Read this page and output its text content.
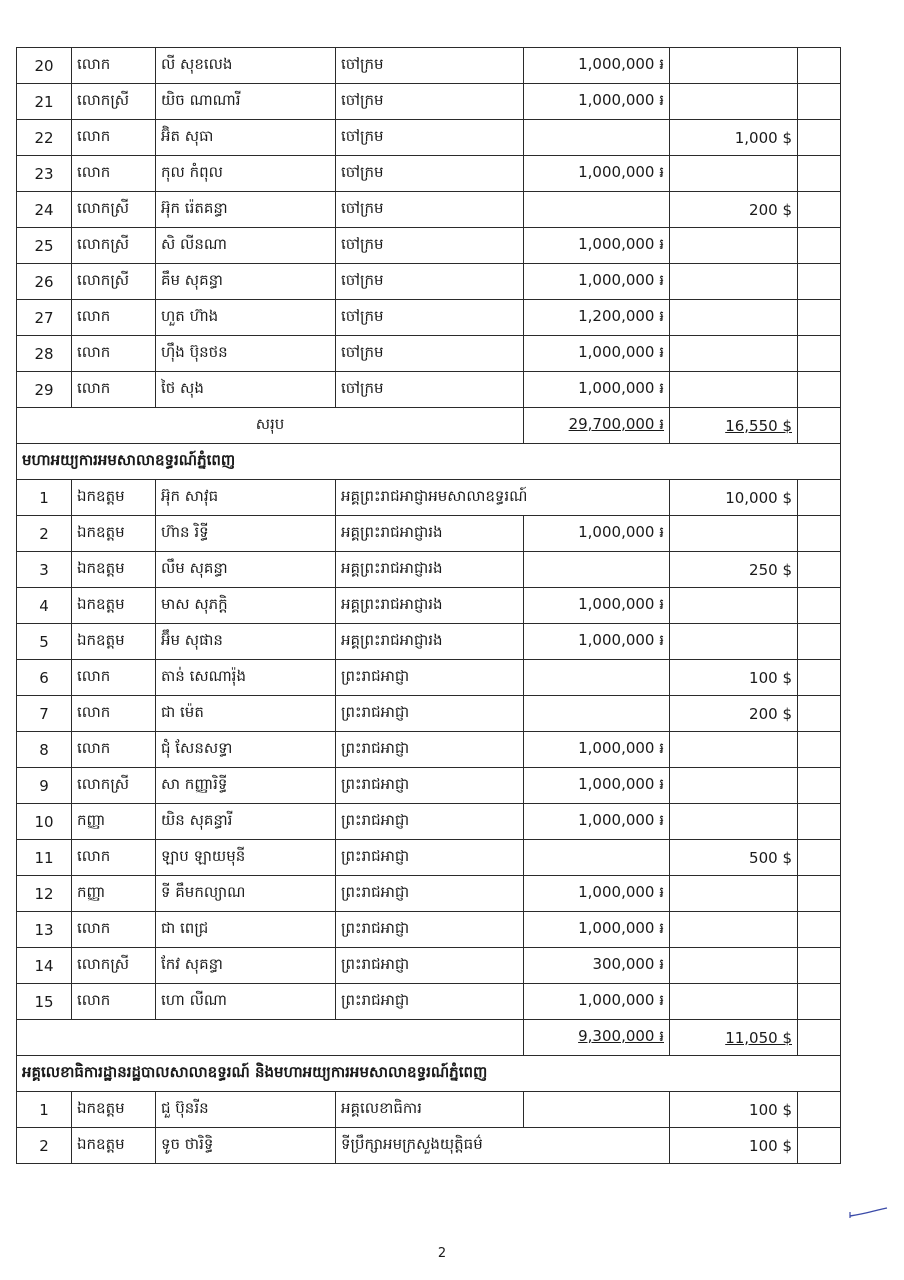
20	លោក	លី សុខលេង	ចៅក្រម	1,000,000 ៛		
21	លោកស្រី	យិច ណាណារី	ចៅក្រម	1,000,000 ៛		
22	លោក	អ៊ិត សុធា	ចៅក្រម		1,000 $	
23	លោក	កុល កំពុល	ចៅក្រម	1,000,000 ៛		
24	លោកស្រី	អ៊ុក រ៉េតគន្ធា	ចៅក្រម		200 $	
25	លោកស្រី	សិ លីនណា	ចៅក្រម	1,000,000 ៛		
26	លោកស្រី	គឹម សុគន្ធា	ចៅក្រម	1,000,000 ៛		
27	លោក	ហួត ហ៊ាង	ចៅក្រម	1,200,000 ៛		
28	លោក	ហ៊ឹង ប៊ុនថន	ចៅក្រម	1,000,000 ៛		
29	លោក	ថៃ សុង	ចៅក្រម	1,000,000 ៛		
សរុប				29,700,000 ៛	16,550 $	
មហាអយ្យការអមសាលាឧទ្ធរណ៍ភ្នំពេញ						
1	ឯកឧត្តម	អ៊ុក សាវុធ	អគ្គព្រះរាជអាជ្ញាអមសាលាឧទ្ធរណ៍		10,000 $	
2	ឯកឧត្តម	ហ៊ាន រិទ្ធី	អគ្គព្រះរាជអាជ្ញារង	1,000,000 ៛		
3	ឯកឧត្តម	លឹម សុគន្ធា	អគ្គព្រះរាជអាជ្ញារង		250 $	
4	ឯកឧត្តម	មាស សុភក្តិ	អគ្គព្រះរាជអាជ្ញារង	1,000,000 ៛		
5	ឯកឧត្តម	អ៊ឹម សុផាន	អគ្គព្រះរាជអាជ្ញារង	1,000,000 ៛		
6	លោក	តាន់ សេណារ៉ុង	ព្រះរាជអាជ្ញា		100 $	
7	លោក	ជា ម៉េត	ព្រះរាជអាជ្ញា		200 $	
8	លោក	ជុំ សែនសទ្ធា	ព្រះរាជអាជ្ញា	1,000,000 ៛		
9	លោកស្រី	សា កញ្ញារិទ្ធី	ព្រះរាជអាជ្ញា	1,000,000 ៛		
10	កញ្ញា	យិន សុគន្ធារី	ព្រះរាជអាជ្ញា	1,000,000 ៛		
11	លោក	ឡាប ឡាយមុនី	ព្រះរាជអាជ្ញា		500 $	
12	កញ្ញា	ទី គឹមកល្យាណ	ព្រះរាជអាជ្ញា	1,000,000 ៛		
13	លោក	ជា ពេជ្រ	ព្រះរាជអាជ្ញា	1,000,000 ៛		
14	លោកស្រី	កែវ សុគន្ធា	ព្រះរាជអាជ្ញា	300,000 ៛		
15	លោក	ហោ លីណា	ព្រះរាជអាជ្ញា	1,000,000 ៛		
				9,300,000 ៛	11,050 $	
អគ្គលេខាធិការដ្ឋានរដ្ឋបាលសាលាឧទ្ធរណ៍ និងមហាអយ្យការអមសាលាឧទ្ធរណ៍ភ្នំពេញ						
1	ឯកឧត្តម	ជួ ប៊ុនរីន	អគ្គលេខាធិការ		100 $	
2	ឯកឧត្តម	ទូច ថារិទ្ធិ	ទីប្រឹក្សាអមក្រសួងយុត្តិធម៌		100 $	
2
